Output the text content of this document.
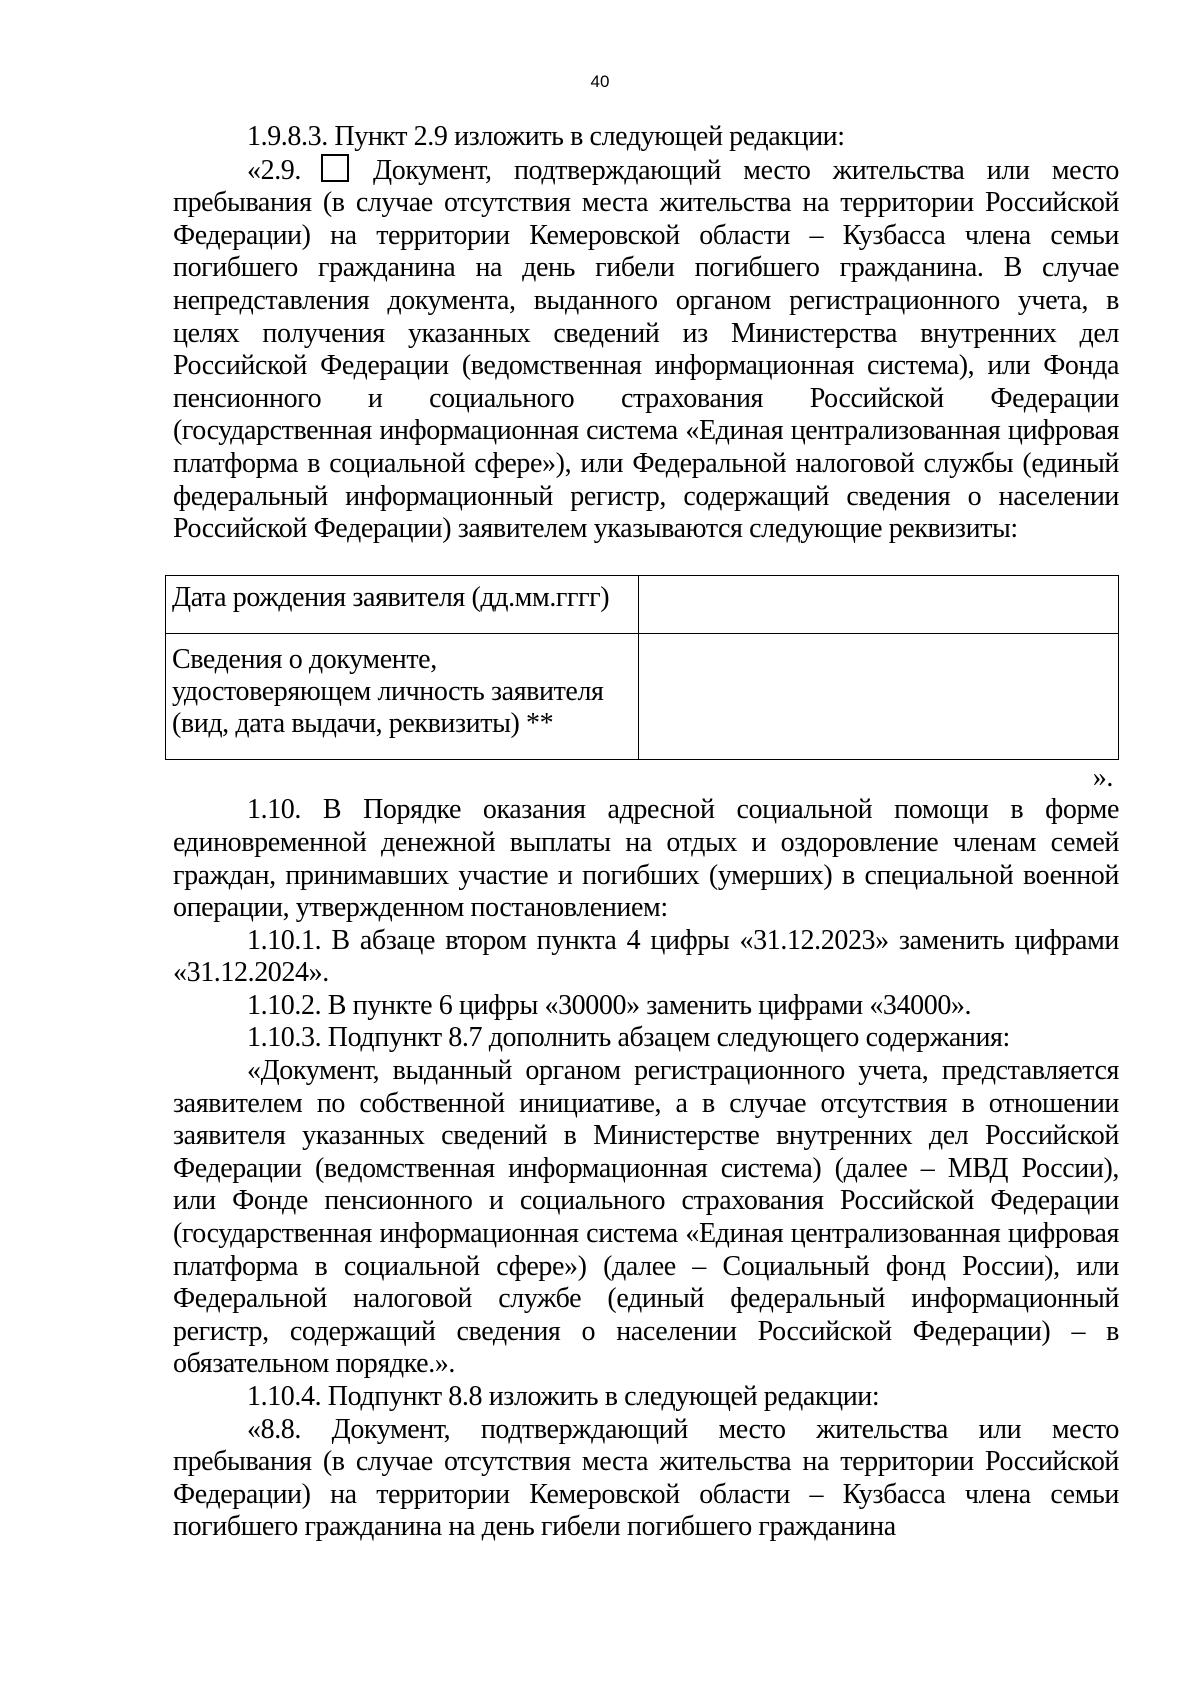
40

1.9.8.3. Пункт 2.9 изложить в следующей редакции:

«2.9.	Документ, подтверждающий место жительства или место пребывания (в случае отсутствия места жительства на территории Российской Федерации) на территории Кемеровской области – Кузбасса члена семьи погибшего гражданина на день гибели погибшего гражданина. В случае непредставления документа, выданного органом регистрационного учета, в целях получения указанных сведений из Министерства внутренних дел Российской Федерации (ведомственная информационная система), или Фонда пенсионного и социального страхования Российской Федерации (государственная информационная система «Единая централизованная цифровая платформа в социальной сфере»), или Федеральной налоговой службы (единый федеральный информационный регистр, содержащий сведения о населении Российской Федерации) заявителем указываются следующие реквизиты:

Дата рождения заявителя (дд.мм.гггг)	
Сведения о документе, удостоверяющем личность заявителя (вид, дата выдачи, реквизиты) **	

».

1.10. В Порядке оказания адресной социальной помощи в форме единовременной денежной выплаты на отдых и оздоровление членам семей граждан, принимавших участие и погибших (умерших) в специальной военной операции, утвержденном постановлением:

1.10.1. В абзаце втором пункта 4 цифры «31.12.2023» заменить цифрами «31.12.2024».

1.10.2. В пункте 6 цифры «30000» заменить цифрами «34000».

1.10.3. Подпункт 8.7 дополнить абзацем следующего содержания:

«Документ, выданный органом регистрационного учета, представляется заявителем по собственной инициативе, а в случае отсутствия в отношении заявителя указанных сведений в Министерстве внутренних дел Российской Федерации (ведомственная информационная система) (далее – МВД России), или Фонде пенсионного и социального страхования Российской Федерации (государственная информационная система «Единая централизованная цифровая платформа в социальной сфере») (далее – Социальный фонд России), или Федеральной налоговой службе (единый федеральный информационный регистр, содержащий сведения о населении Российской Федерации) – в обязательном порядке.».

1.10.4. Подпункт 8.8 изложить в следующей редакции:

«8.8. Документ, подтверждающий место жительства или место пребывания (в случае отсутствия места жительства на территории Российской Федерации) на территории Кемеровской области – Кузбасса члена семьи погибшего гражданина на день гибели погибшего гражданина
